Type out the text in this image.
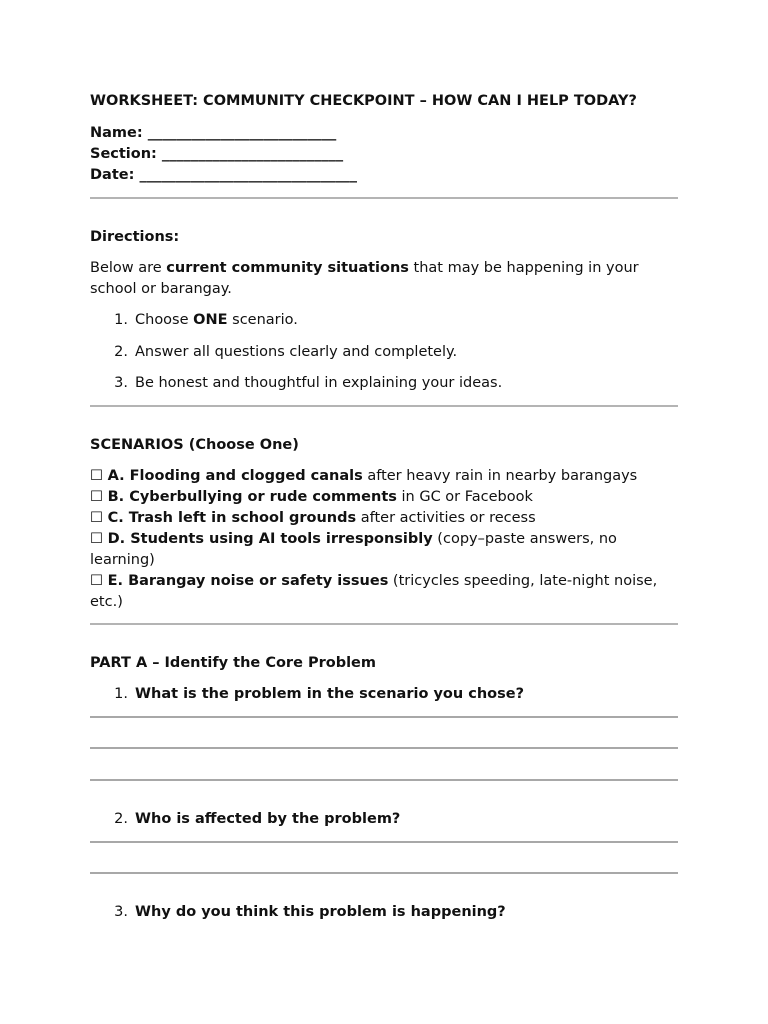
WORKSHEET: COMMUNITY CHECKPOINT – HOW CAN I HELP TODAY?
Name: __________________________
Section: _________________________
Date: ______________________________
Directions:
Below are current community situations that may be happening in your school or barangay.
1. Choose ONE scenario.
2. Answer all questions clearly and completely.
3. Be honest and thoughtful in explaining your ideas.
SCENARIOS (Choose One)
☐ A. Flooding and clogged canals after heavy rain in nearby barangays
☐ B. Cyberbullying or rude comments in GC or Facebook
☐ C. Trash left in school grounds after activities or recess
☐ D. Students using AI tools irresponsibly (copy–paste answers, no learning)
☐ E. Barangay noise or safety issues (tricycles speeding, late-night noise, etc.)
PART A – Identify the Core Problem
1. What is the problem in the scenario you chose?
2. Who is affected by the problem?
3. Why do you think this problem is happening?
